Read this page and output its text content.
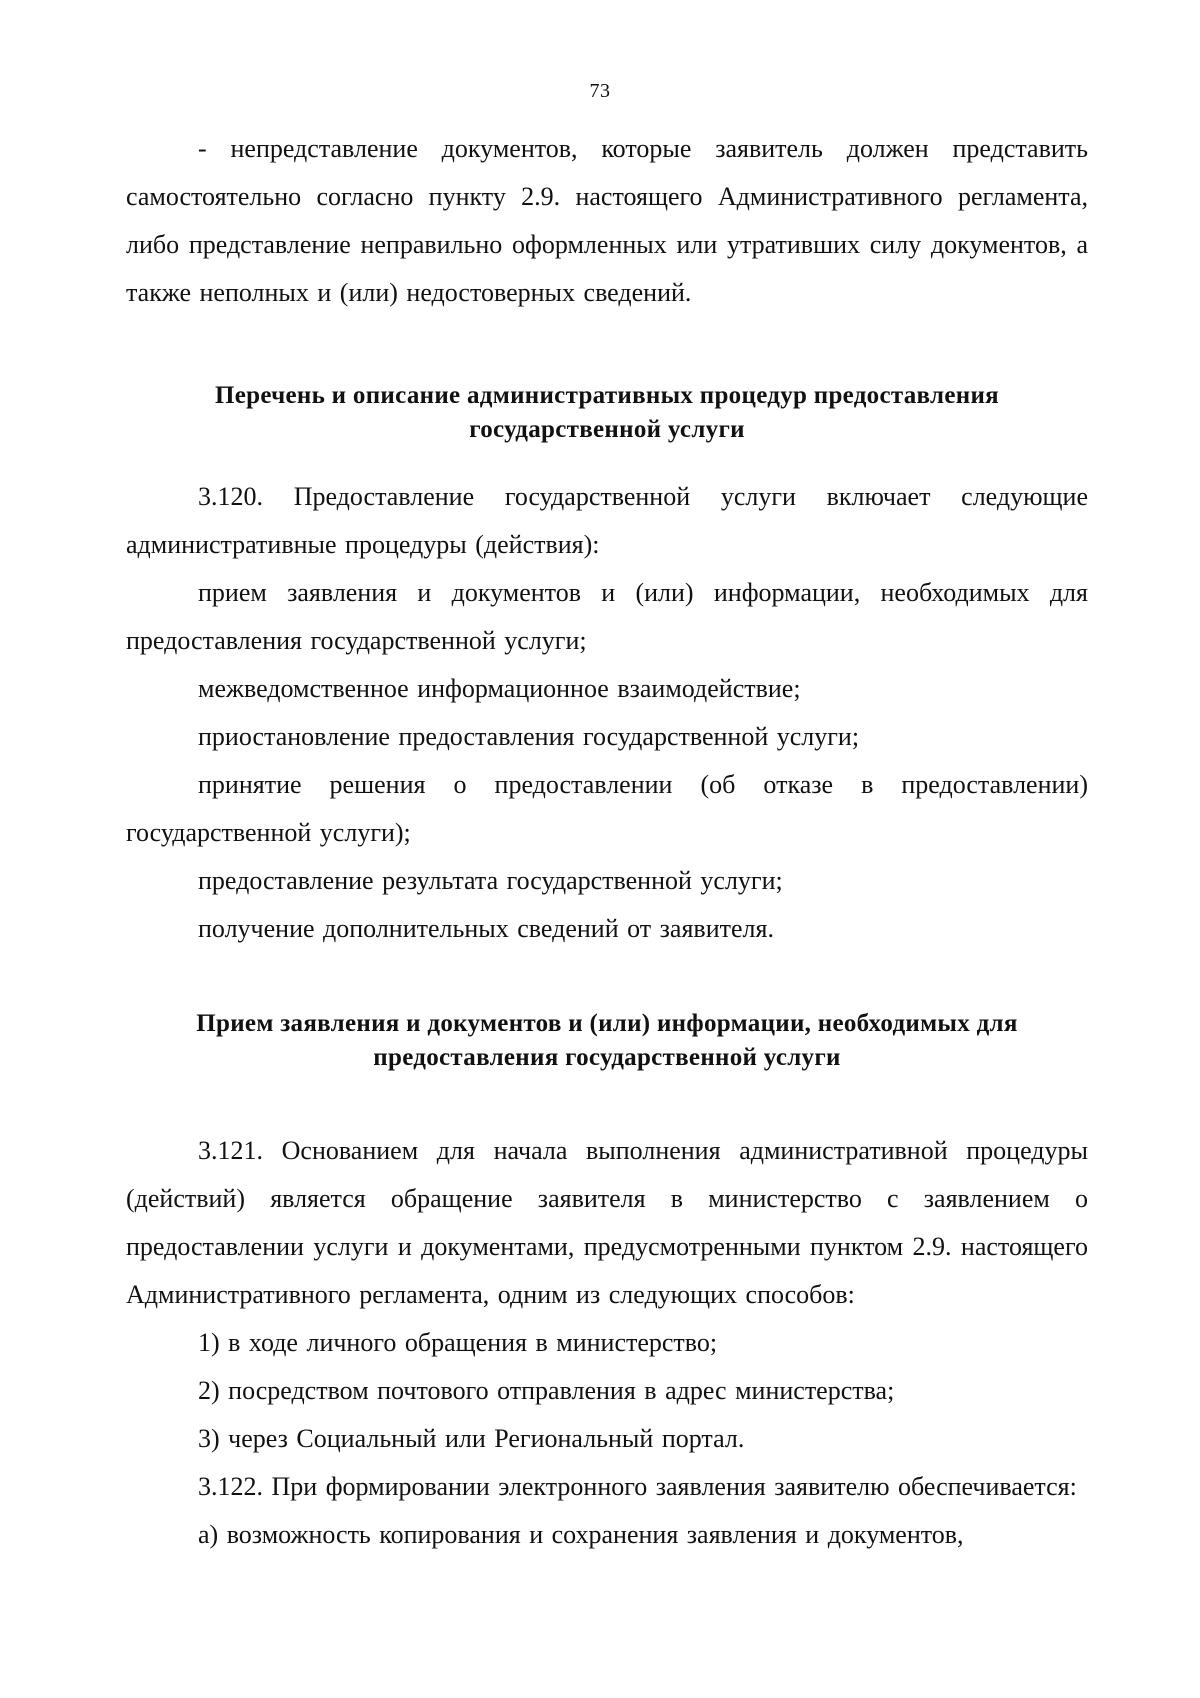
73

- непредставление документов, которые заявитель должен представить самостоятельно согласно пункту 2.9. настоящего Административного регламента, либо представление неправильно оформленных или утративших силу документов, а также неполных и (или) недостоверных сведений.

Перечень и описание административных процедур предоставления

государственной услуги

3.120. Предоставление государственной услуги включает следующие административные процедуры (действия):

прием заявления и документов и (или) информации, необходимых для предоставления государственной услуги;

межведомственное информационное взаимодействие;

приостановление предоставления государственной услуги;

принятие решения о предоставлении (об отказе в предоставлении) государственной услуги);

предоставление результата государственной услуги;

получение дополнительных сведений от заявителя.

Прием заявления и документов и (или) информации, необходимых для

предоставления государственной услуги

3.121. Основанием для начала выполнения административной процедуры (действий) является обращение заявителя в министерство с заявлением о предоставлении услуги и документами, предусмотренными пунктом 2.9. настоящего Административного регламента, одним из следующих способов:

1) в ходе личного обращения в министерство;

2) посредством почтового отправления в адрес министерства;

3) через Социальный или Региональный портал.

3.122. При формировании электронного заявления заявителю обеспечивается:

а) возможность копирования и сохранения заявления и документов,
